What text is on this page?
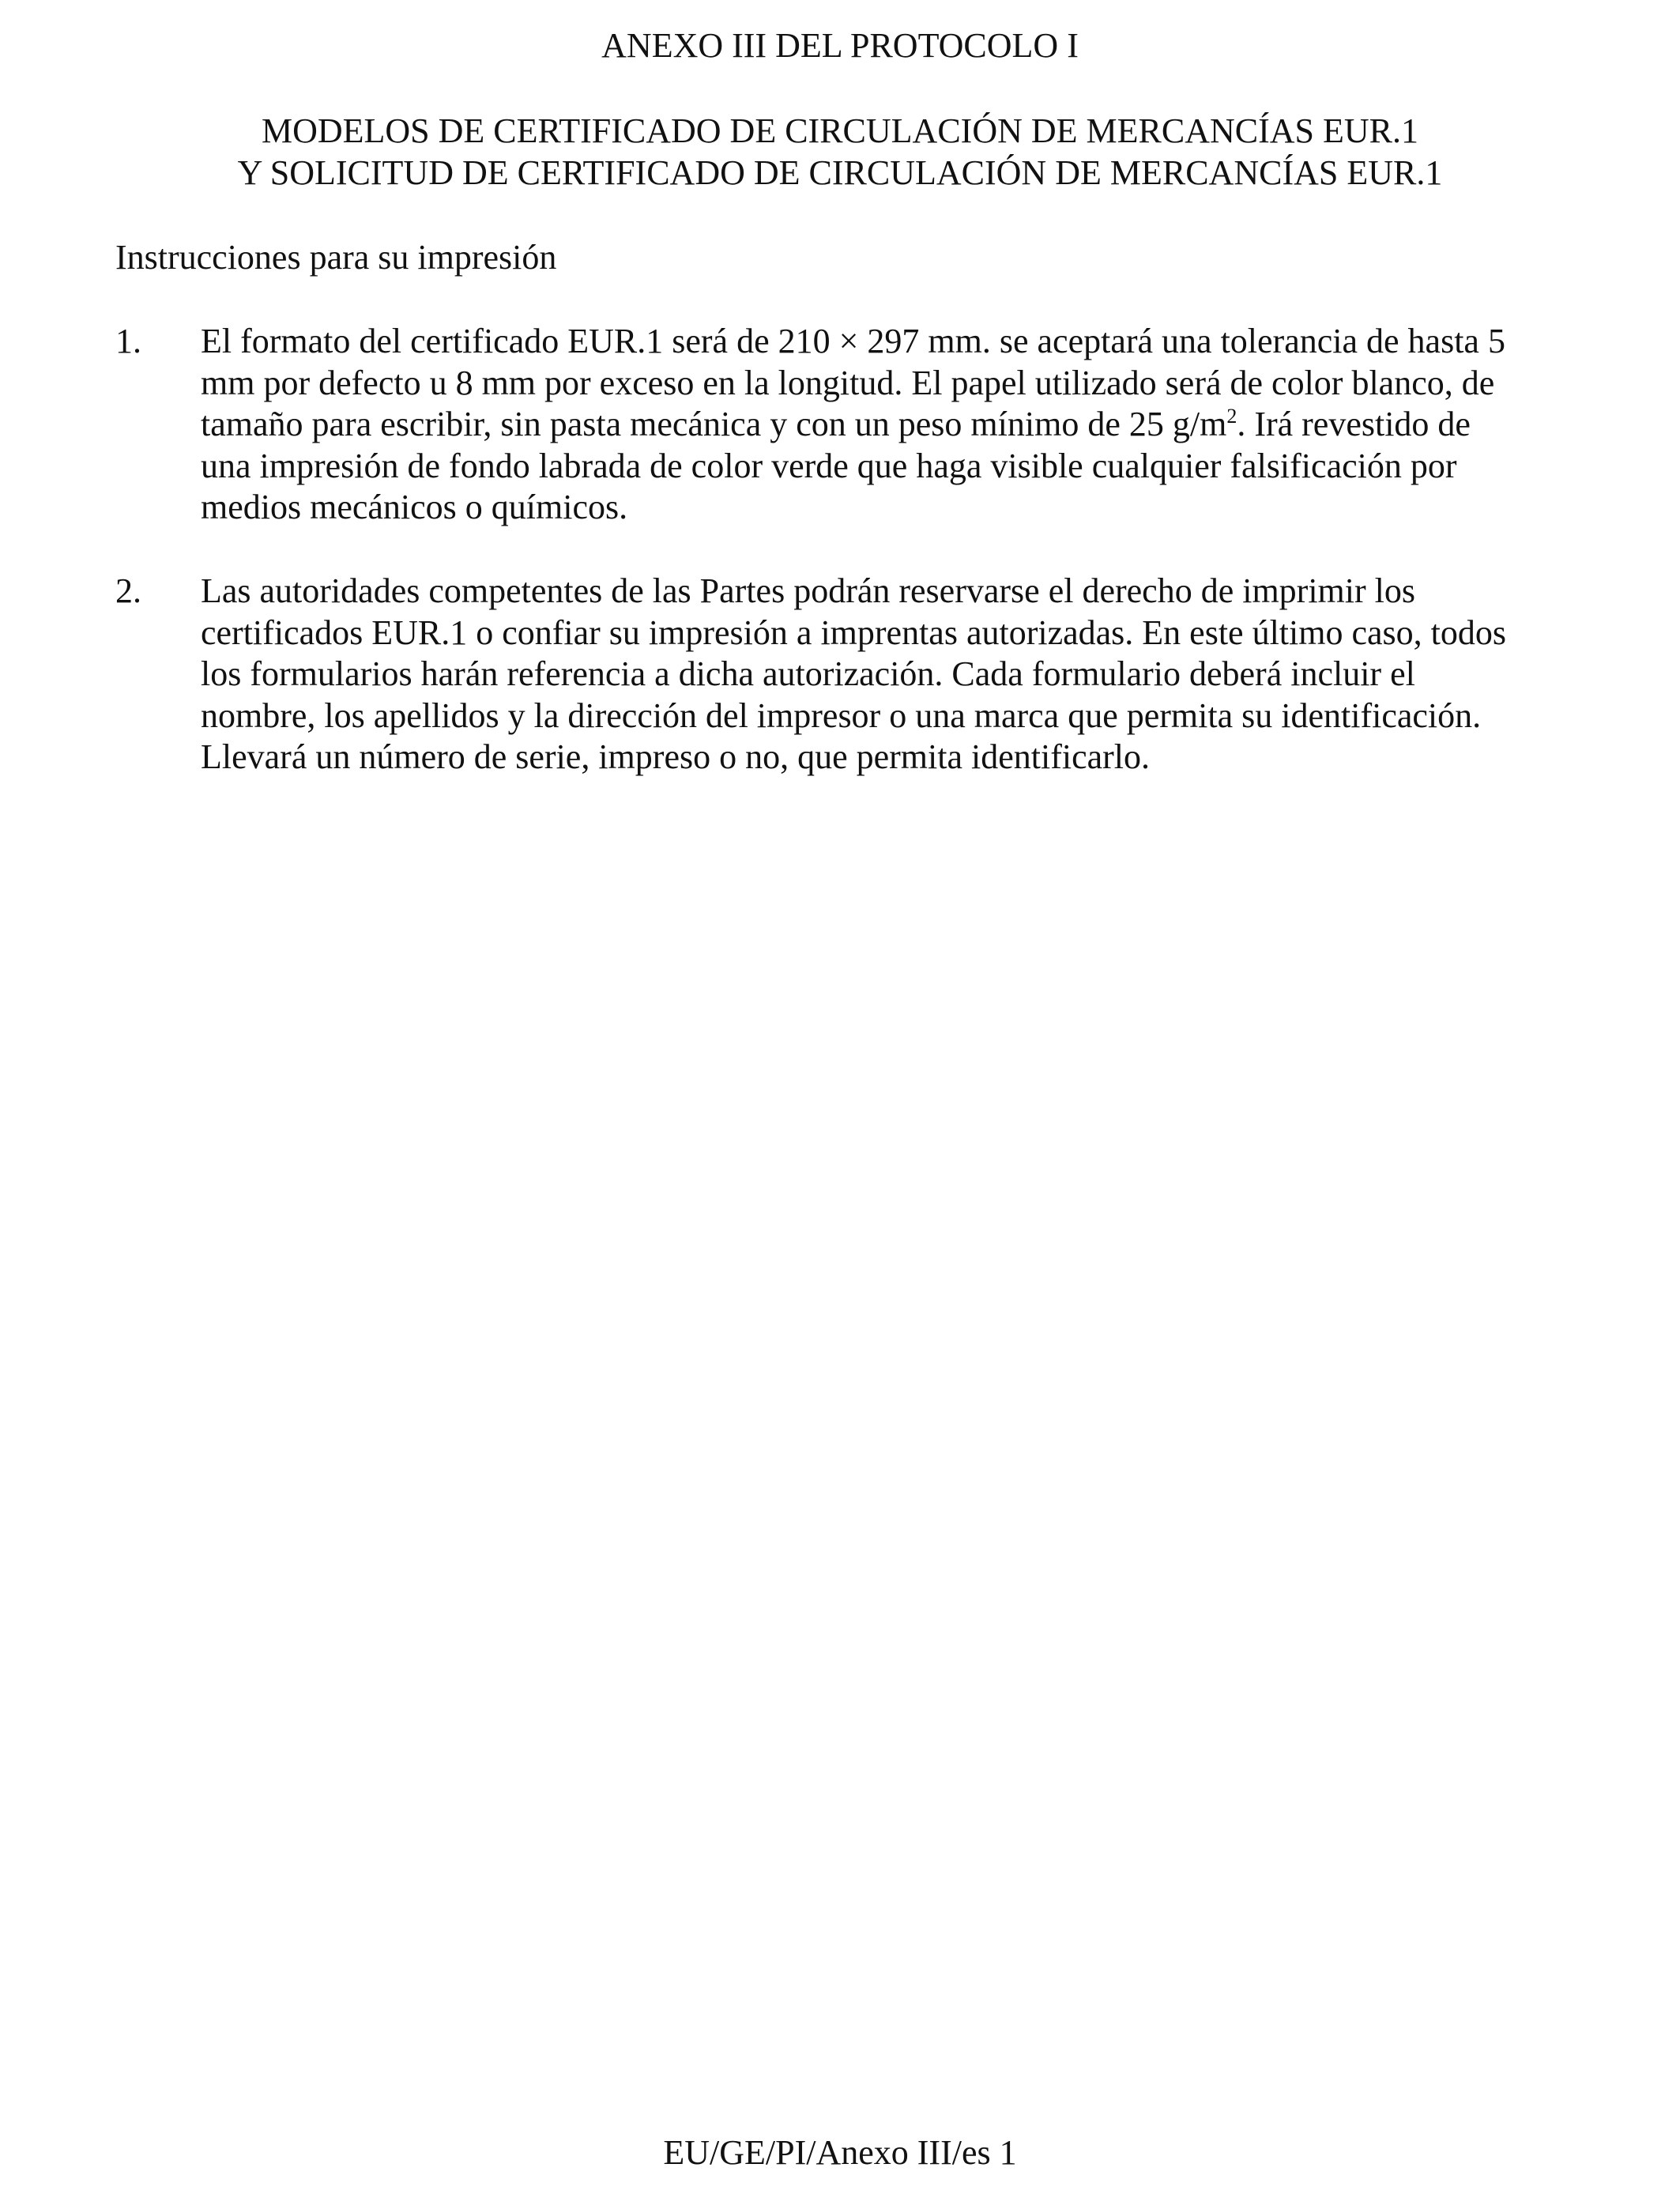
ANEXO III DEL PROTOCOLO I
MODELOS DE CERTIFICADO DE CIRCULACIÓN DE MERCANCÍAS EUR.1
Y SOLICITUD DE CERTIFICADO DE CIRCULACIÓN DE MERCANCÍAS EUR.1
Instrucciones para su impresión
1. El formato del certificado EUR.1 será de 210 × 297 mm. se aceptará una tolerancia de hasta 5
mm por defecto u 8 mm por exceso en la longitud. El papel utilizado será de color blanco, de
tamaño para escribir, sin pasta mecánica y con un peso mínimo de 25 $g/m^2$. Irá revestido de
una impresión de fondo labrada de color verde que haga visible cualquier falsificación por
medios mecánicos o químicos.
2. Las autoridades competentes de las Partes podrán reservarse el derecho de imprimir los
certificados EUR.1 o confiar su impresión a imprentas autorizadas. En este último caso, todos
los formularios harán referencia a dicha autorización. Cada formulario deberá incluir el
nombre, los apellidos y la dirección del impresor o una marca que permita su identificación.
Llevará un número de serie, impreso o no, que permita identificarlo.
EU/GE/PI/Anexo III/es 1
